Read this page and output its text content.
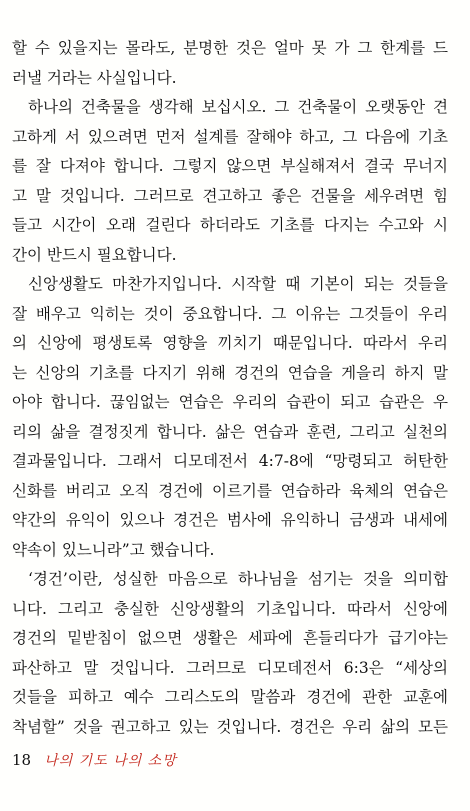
할 수 있을지는 몰라도, 분명한 것은 얼마 못 가 그 한계를 드
러낼 거라는 사실입니다.
하나의 건축물을 생각해 보십시오. 그 건축물이 오랫동안 견
고하게 서 있으려면 먼저 설계를 잘해야 하고, 그 다음에 기초
를 잘 다져야 합니다. 그렇지 않으면 부실해져서 결국 무너지
고 말 것입니다. 그러므로 견고하고 좋은 건물을 세우려면 힘
들고 시간이 오래 걸린다 하더라도 기초를 다지는 수고와 시
간이 반드시 필요합니다.
신앙생활도 마찬가지입니다. 시작할 때 기본이 되는 것들을
잘 배우고 익히는 것이 중요합니다. 그 이유는 그것들이 우리
의 신앙에 평생토록 영향을 끼치기 때문입니다. 따라서 우리
는 신앙의 기초를 다지기 위해 경건의 연습을 게을리 하지 말
아야 합니다. 끊임없는 연습은 우리의 습관이 되고 습관은 우
리의 삶을 결정짓게 합니다. 삶은 연습과 훈련, 그리고 실천의
결과물입니다. 그래서 디모데전서 4:7-8에 “망령되고 허탄한
신화를 버리고 오직 경건에 이르기를 연습하라 육체의 연습은
약간의 유익이 있으나 경건은 범사에 유익하니 금생과 내세에
약속이 있느니라”고 했습니다.
‘경건’이란, 성실한 마음으로 하나님을 섬기는 것을 의미합
니다. 그리고 충실한 신앙생활의 기초입니다. 따라서 신앙에
경건의 밑받침이 없으면 생활은 세파에 흔들리다가 급기야는
파산하고 말 것입니다. 그러므로 디모데전서 6:3은 “세상의
것들을 피하고 예수 그리스도의 말씀과 경건에 관한 교훈에
착념할” 것을 권고하고 있는 것입니다. 경건은 우리 삶의 모든
18 나의 기도 나의 소망
